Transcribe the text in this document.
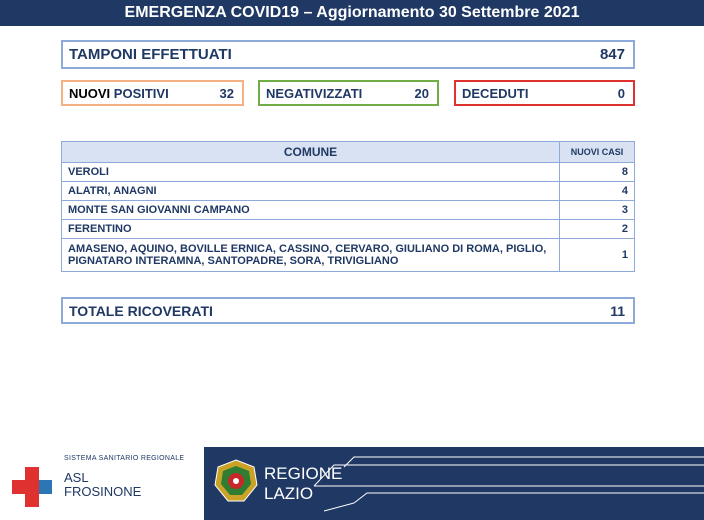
EMERGENZA COVID19 – Aggiornamento 30 Settembre 2021
TAMPONI EFFETTUATI	847
NUOVI POSITIVI	32 NEGATIVIZZATI	20	DECEDUTI	0
COMUNE	NUOVI CASI
VEROLI	8
ALATRI, ANAGNI	4
MONTE SAN GIOVANNI CAMPANO	3
FERENTINO	2
AMASENO, AQUINO, BOVILLE ERNICA, CASSINO, CERVARO, GIULIANO DI ROMA, PIGLIO, PIGNATARO INTERAMNA, SANTOPADRE, SORA, TRIVIGLIANO	1
TOTALE RICOVERATI	11
SISTEMA SANITARIO REGIONALE
ASL
FROSINONE
REGIONE
LAZIO
